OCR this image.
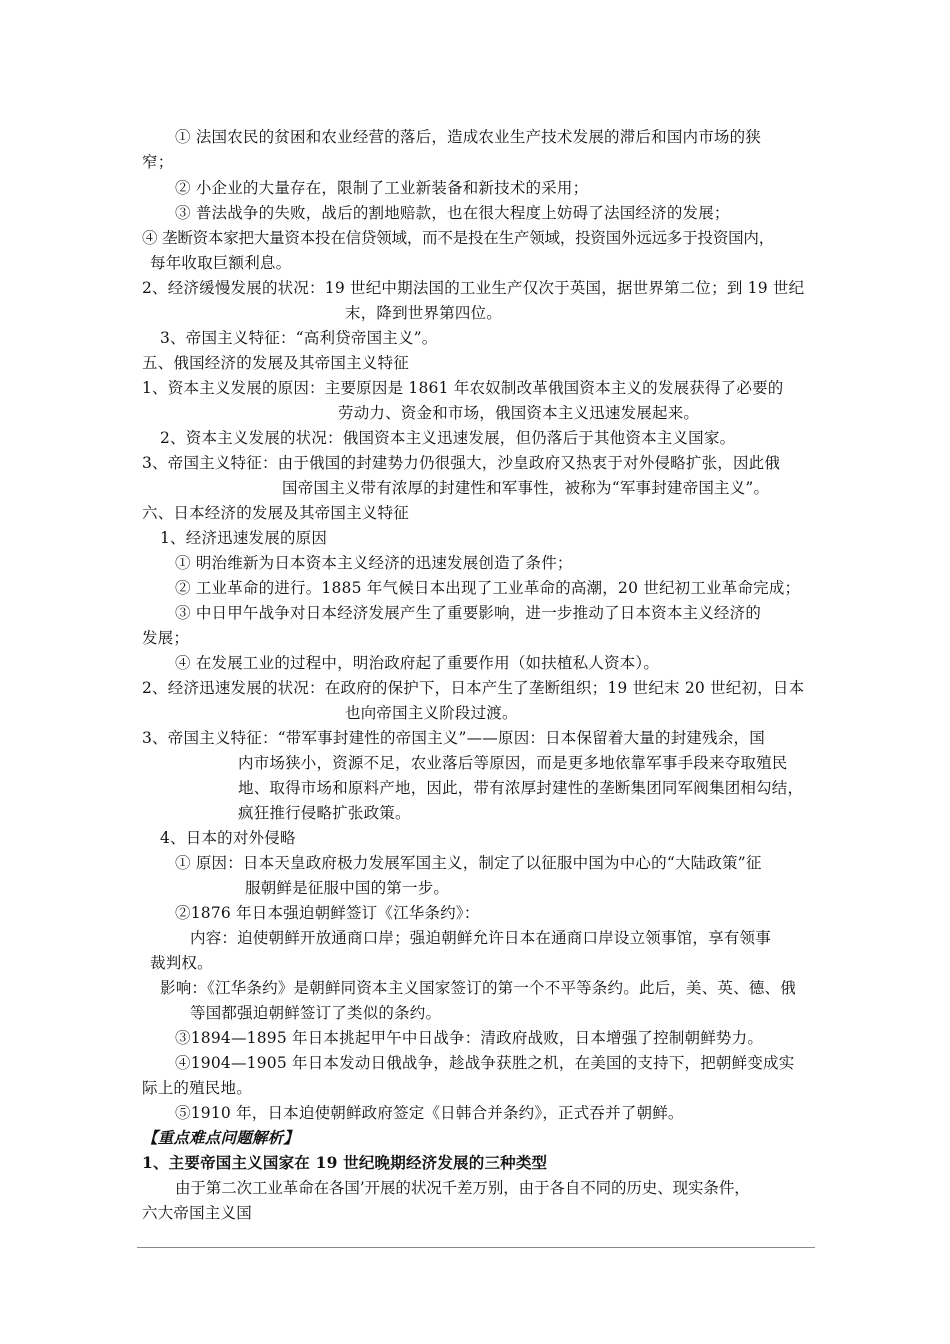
① 法国农民的贫困和农业经营的落后，造成农业生产技术发展的滞后和国内市场的狭
窄；
② 小企业的大量存在，限制了工业新装备和新技术的采用；
③ 普法战争的失败，战后的割地赔款，也在很大程度上妨碍了法国经济的发展；
④ 垄断资本家把大量资本投在信贷领域，而不是投在生产领域，投资国外远远多于投资国内，
每年收取巨额利息。
2、经济缓慢发展的状况：19 世纪中期法国的工业生产仅次于英国，据世界第二位；到 19 世纪
末，降到世界第四位。
3、帝国主义特征：“高利贷帝国主义”。
五、俄国经济的发展及其帝国主义特征
1、资本主义发展的原因：主要原因是 1861 年农奴制改革俄国资本主义的发展获得了必要的
劳动力、资金和市场，俄国资本主义迅速发展起来。
2、资本主义发展的状况：俄国资本主义迅速发展，但仍落后于其他资本主义国家。
3、帝国主义特征：由于俄国的封建势力仍很强大，沙皇政府又热衷于对外侵略扩张，因此俄
国帝国主义带有浓厚的封建性和军事性，被称为“军事封建帝国主义”。
六、日本经济的发展及其帝国主义特征
1、经济迅速发展的原因
① 明治维新为日本资本主义经济的迅速发展创造了条件；
② 工业革命的进行。1885 年气候日本出现了工业革命的高潮，20 世纪初工业革命完成；
③ 中日甲午战争对日本经济发展产生了重要影响，进一步推动了日本资本主义经济的
发展；
④ 在发展工业的过程中，明治政府起了重要作用（如扶植私人资本）。
2、经济迅速发展的状况：在政府的保护下，日本产生了垄断组织；19 世纪末 20 世纪初，日本
也向帝国主义阶段过渡。
3、帝国主义特征：“带军事封建性的帝国主义”——原因：日本保留着大量的封建残余，国
内市场狭小，资源不足，农业落后等原因，而是更多地依靠军事手段来夺取殖民
地、取得市场和原料产地，因此，带有浓厚封建性的垄断集团同军阀集团相勾结，
疯狂推行侵略扩张政策。
4、日本的对外侵略
① 原因：日本天皇政府极力发展军国主义，制定了以征服中国为中心的“大陆政策”征
服朝鲜是征服中国的第一步。
②1876 年日本强迫朝鲜签订《江华条约》：
内容：迫使朝鲜开放通商口岸；强迫朝鲜允许日本在通商口岸设立领事馆，享有领事
裁判权。
影响：《江华条约》是朝鲜同资本主义国家签订的第一个不平等条约。此后，美、英、德、俄
等国都强迫朝鲜签订了类似的条约。
③1894—1895 年日本挑起甲午中日战争：清政府战败，日本增强了控制朝鲜势力。
④1904—1905 年日本发动日俄战争，趁战争获胜之机，在美国的支持下，把朝鲜变成实
际上的殖民地。
⑤1910 年，日本迫使朝鲜政府签定《日韩合并条约》，正式吞并了朝鲜。
【重点难点问题解析】
1、主要帝国主义国家在 19 世纪晚期经济发展的三种类型
由于第二次工业革命在各国’开展的状况千差万别，由于各自不同的历史、现实条件，
六大帝国主义国
